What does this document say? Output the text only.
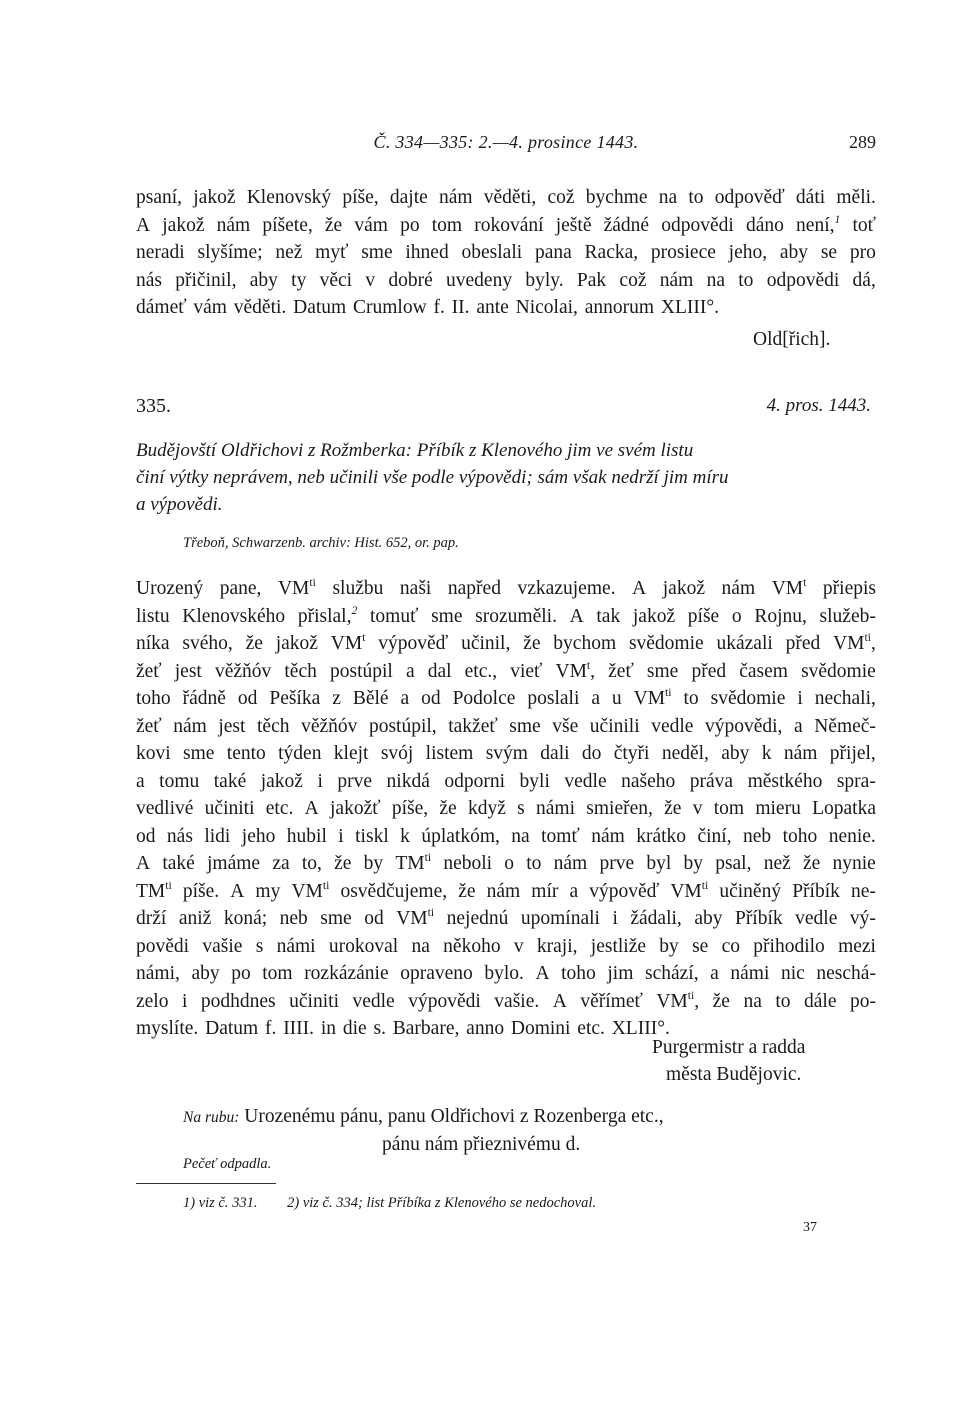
Č. 334—335: 2.—4. prosince 1443.	289
psaní, jakož Klenovský píše, dajte nám věděti, což bychme na to odpověď dáti měli.
A jakož nám píšete, že vám po tom rokování ještě žádné odpovědi dáno není,$^1$ toť
neradi slyšíme; než myť sme ihned obeslali pana Racka, prosiece jeho, aby se pro
nás přičinil, aby ty věci v dobré uvedeny byly. Pak což nám na to odpovědi dá,
dámeť vám věděti. Datum Crumlow f. II. ante Nicolai, annorum XLIII°.
Old[řich].
335.	4. pros. 1443.
Budějovští Oldřichovi z Rožmberka: Příbík z Klenového jim ve svém listu
činí výtky neprávem, neb učinili vše podle výpovědi; sám však nedrží jim míru
a výpovědi.
Třeboň, Schwarzenb. archiv: Hist. 652, or. pap.
Urozený pane, $VM^{ti}$ službu naši napřed vzkazujeme. A jakož nám $VM^t$ přiepis
listu Klenovského přislal,$^2$ tomuť sme srozuměli. A tak jakož píše o Rojnu, služeb-
níka svého, že jakož $VM^t$ výpověď učinil, že bychom svědomie ukázali před $VM^{ti}$,
žeť jest věžňóv těch postúpil a dal etc., vieť $VM^t$, žeť sme před časem svědomie
toho řádně od Pešíka z Bělé a od Podolce poslali a u $VM^{ti}$ to svědomie i nechali,
žeť nám jest těch věžňóv postúpil, takžeť sme vše učinili vedle výpovědi, a Němeč-
kovi sme tento týden klejt svój listem svým dali do čtyři neděl, aby k nám přijel,
a tomu také jakož i prve nikdá odporni byli vedle našeho práva městkého spra-
vedlivé učiniti etc. A jakožť píše, že když s námi smieřen, že v tom mieru Lopatka
od nás lidi jeho hubil i tiskl k úplatkóm, na tomť nám krátko činí, neb toho nenie.
A také jmáme za to, že by $TM^{ti}$ neboli o to nám prve byl by psal, než že nynie
$TM^{ti}$ píše. A my $VM^{ti}$ osvědčujeme, že nám mír a výpověď $VM^{ti}$ učiněný Příbík ne-
drží aniž koná; neb sme od $VM^{ti}$ nejednú upomínali i žádali, aby Příbík vedle vý-
povědi vašie s námi urokoval na někoho v kraji, jestliže by se co přihodilo mezi
námi, aby po tom rozkázánie opraveno bylo. A toho jim schází, a námi nic neschá-
zelo i podhdnes učiniti vedle výpovědi vašie. A věřímeť $VM^{ti}$, že na to dále po-
myslíte. Datum f. IIII. in die s. Barbare, anno Domini etc. XLIII°.
Purgermistr a radda
města Budějovic.
Na rubu: Urozenému pánu, panu Oldřichovi z Rozenberga etc.,
pánu nám přieznivému d.
Pečeť odpadla.
1) viz č. 331. 2) viz č. 334; list Příbíka z Klenového se nedochoval.
37
